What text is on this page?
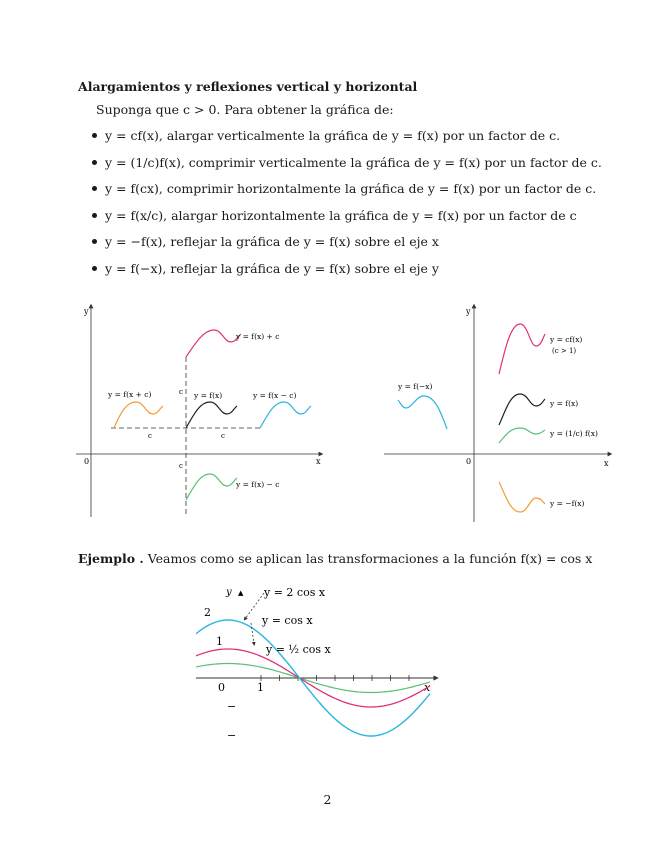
Alargamientos y reflexiones vertical y horizontal
Suponga que c > 0. Para obtener la gráfica de:
y = cf(x), alargar verticalmente la gráfica de y = f(x) por un factor de c.
y = (1/c)f(x), comprimir verticalmente la gráfica de y = f(x) por un factor de c.
y = f(cx), comprimir horizontalmente la gráfica de y = f(x) por un factor de c.
y = f(x/c), alargar horizontalmente la gráfica de y = f(x) por un factor de c
y = −f(x), reflejar la gráfica de y = f(x) sobre el eje x
y = f(−x), reflejar la gráfica de y = f(x) sobre el eje y
y
x
0
y = f(x) + c
y = f(x + c)	y = f(x)	y = f(x − c)
y = f(x) − c
c
c
c	c
y
x
0
y = f(−x)
y = cf(x)
(c > 1)
y = f(x)
y = (1/c) f(x)
y = −f(x)
Ejemplo . Veamos como se aplican las transformaciones a la función f(x) = cos x
y ▲
x
0
2
1
1
−
−
y = 2 cos x
y = cos x
y = ½ cos x
2
